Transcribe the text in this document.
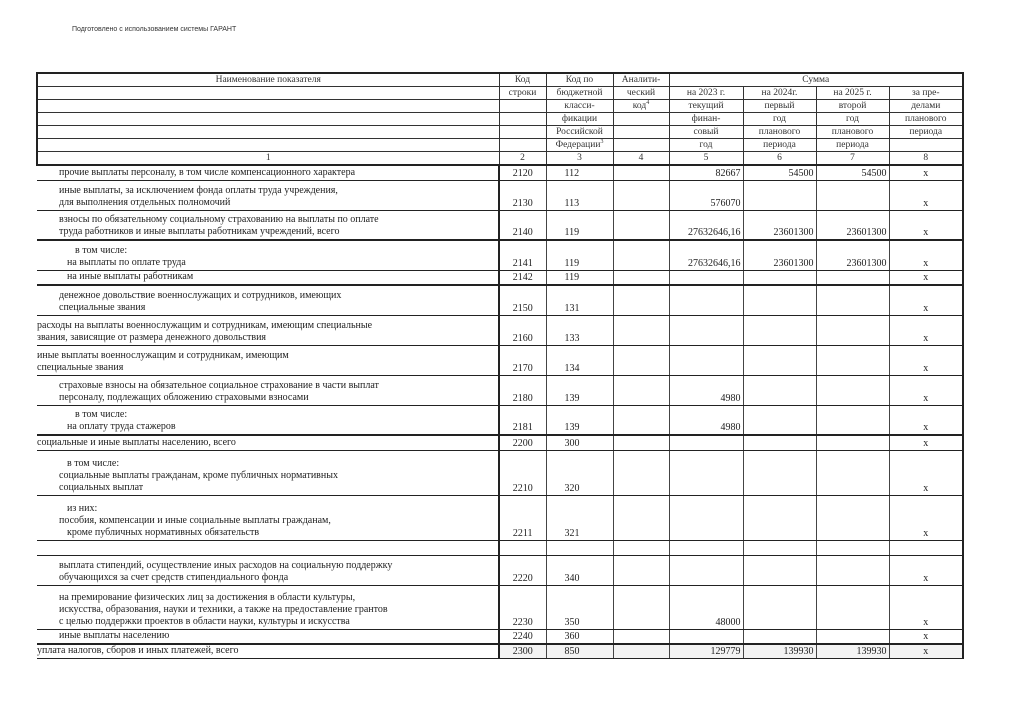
Подготовлено с использованием системы ГАРАНТ
Наименование показателя	Код	Код по	Аналити-	Сумма			
	строки	бюджетной	ческий	на 2023 г.	на 2024г.	на 2025 г.	за пре-
		класси-	код$^4$	текущий	первый	второй	делами
		фикации		финан-	год	год	планового
		Российской		совый	планового	планового	периода
		Федерации$^3$		год	периода	периода	
1	2	3	4	5	6	7	8

прочие выплаты персоналу, в том числе компенсационного характера	2120	112		82667	54500	54500	x

иные выплаты, за исключением фонда оплаты труда учреждения,
для выполнения отдельных полномочий	2130	113		576070			x

взносы по обязательному социальному страхованию на выплаты по оплате
труда работников и иные выплаты работникам учреждений, всего	2140	119		27632646,16	23601300	23601300	x

в том числе:
на выплаты по оплате труда	2141	119		27632646,16	23601300	23601300	x

на иные выплаты работникам	2142	119					x

денежное довольствие военнослужащих и сотрудников, имеющих
специальные звания	2150	131					x

расходы на выплаты военнослужащим и сотрудникам, имеющим специальные
звания, зависящие от размера денежного довольствия	2160	133					x

иные выплаты военнослужащим и сотрудникам, имеющим
специальные звания	2170	134					x

страховые взносы на обязательное социальное страхование в части выплат
персоналу, подлежащих обложению страховыми взносами	2180	139		4980			x

в том числе:
на оплату труда стажеров	2181	139		4980			x

социальные и иные выплаты населению, всего	2200	300					x

в том числе:
социальные выплаты гражданам, кроме публичных нормативных
социальных выплат	2210	320					x

из них:
пособия, компенсации и иные социальные выплаты гражданам,
кроме публичных нормативных обязательств	2211	321					x

выплата стипендий, осуществление иных расходов на социальную поддержку
обучающихся за счет средств стипендиального фонда	2220	340					x

на премирование физических лиц за достижения в области культуры,
искусства, образования, науки и техники, а также на предоставление грантов
с целью поддержки проектов в области науки, культуры и искусства	2230	350		48000			x

иные выплаты населению	2240	360					x

уплата налогов, сборов и иных платежей, всего	2300	850		129779	139930	139930	x
